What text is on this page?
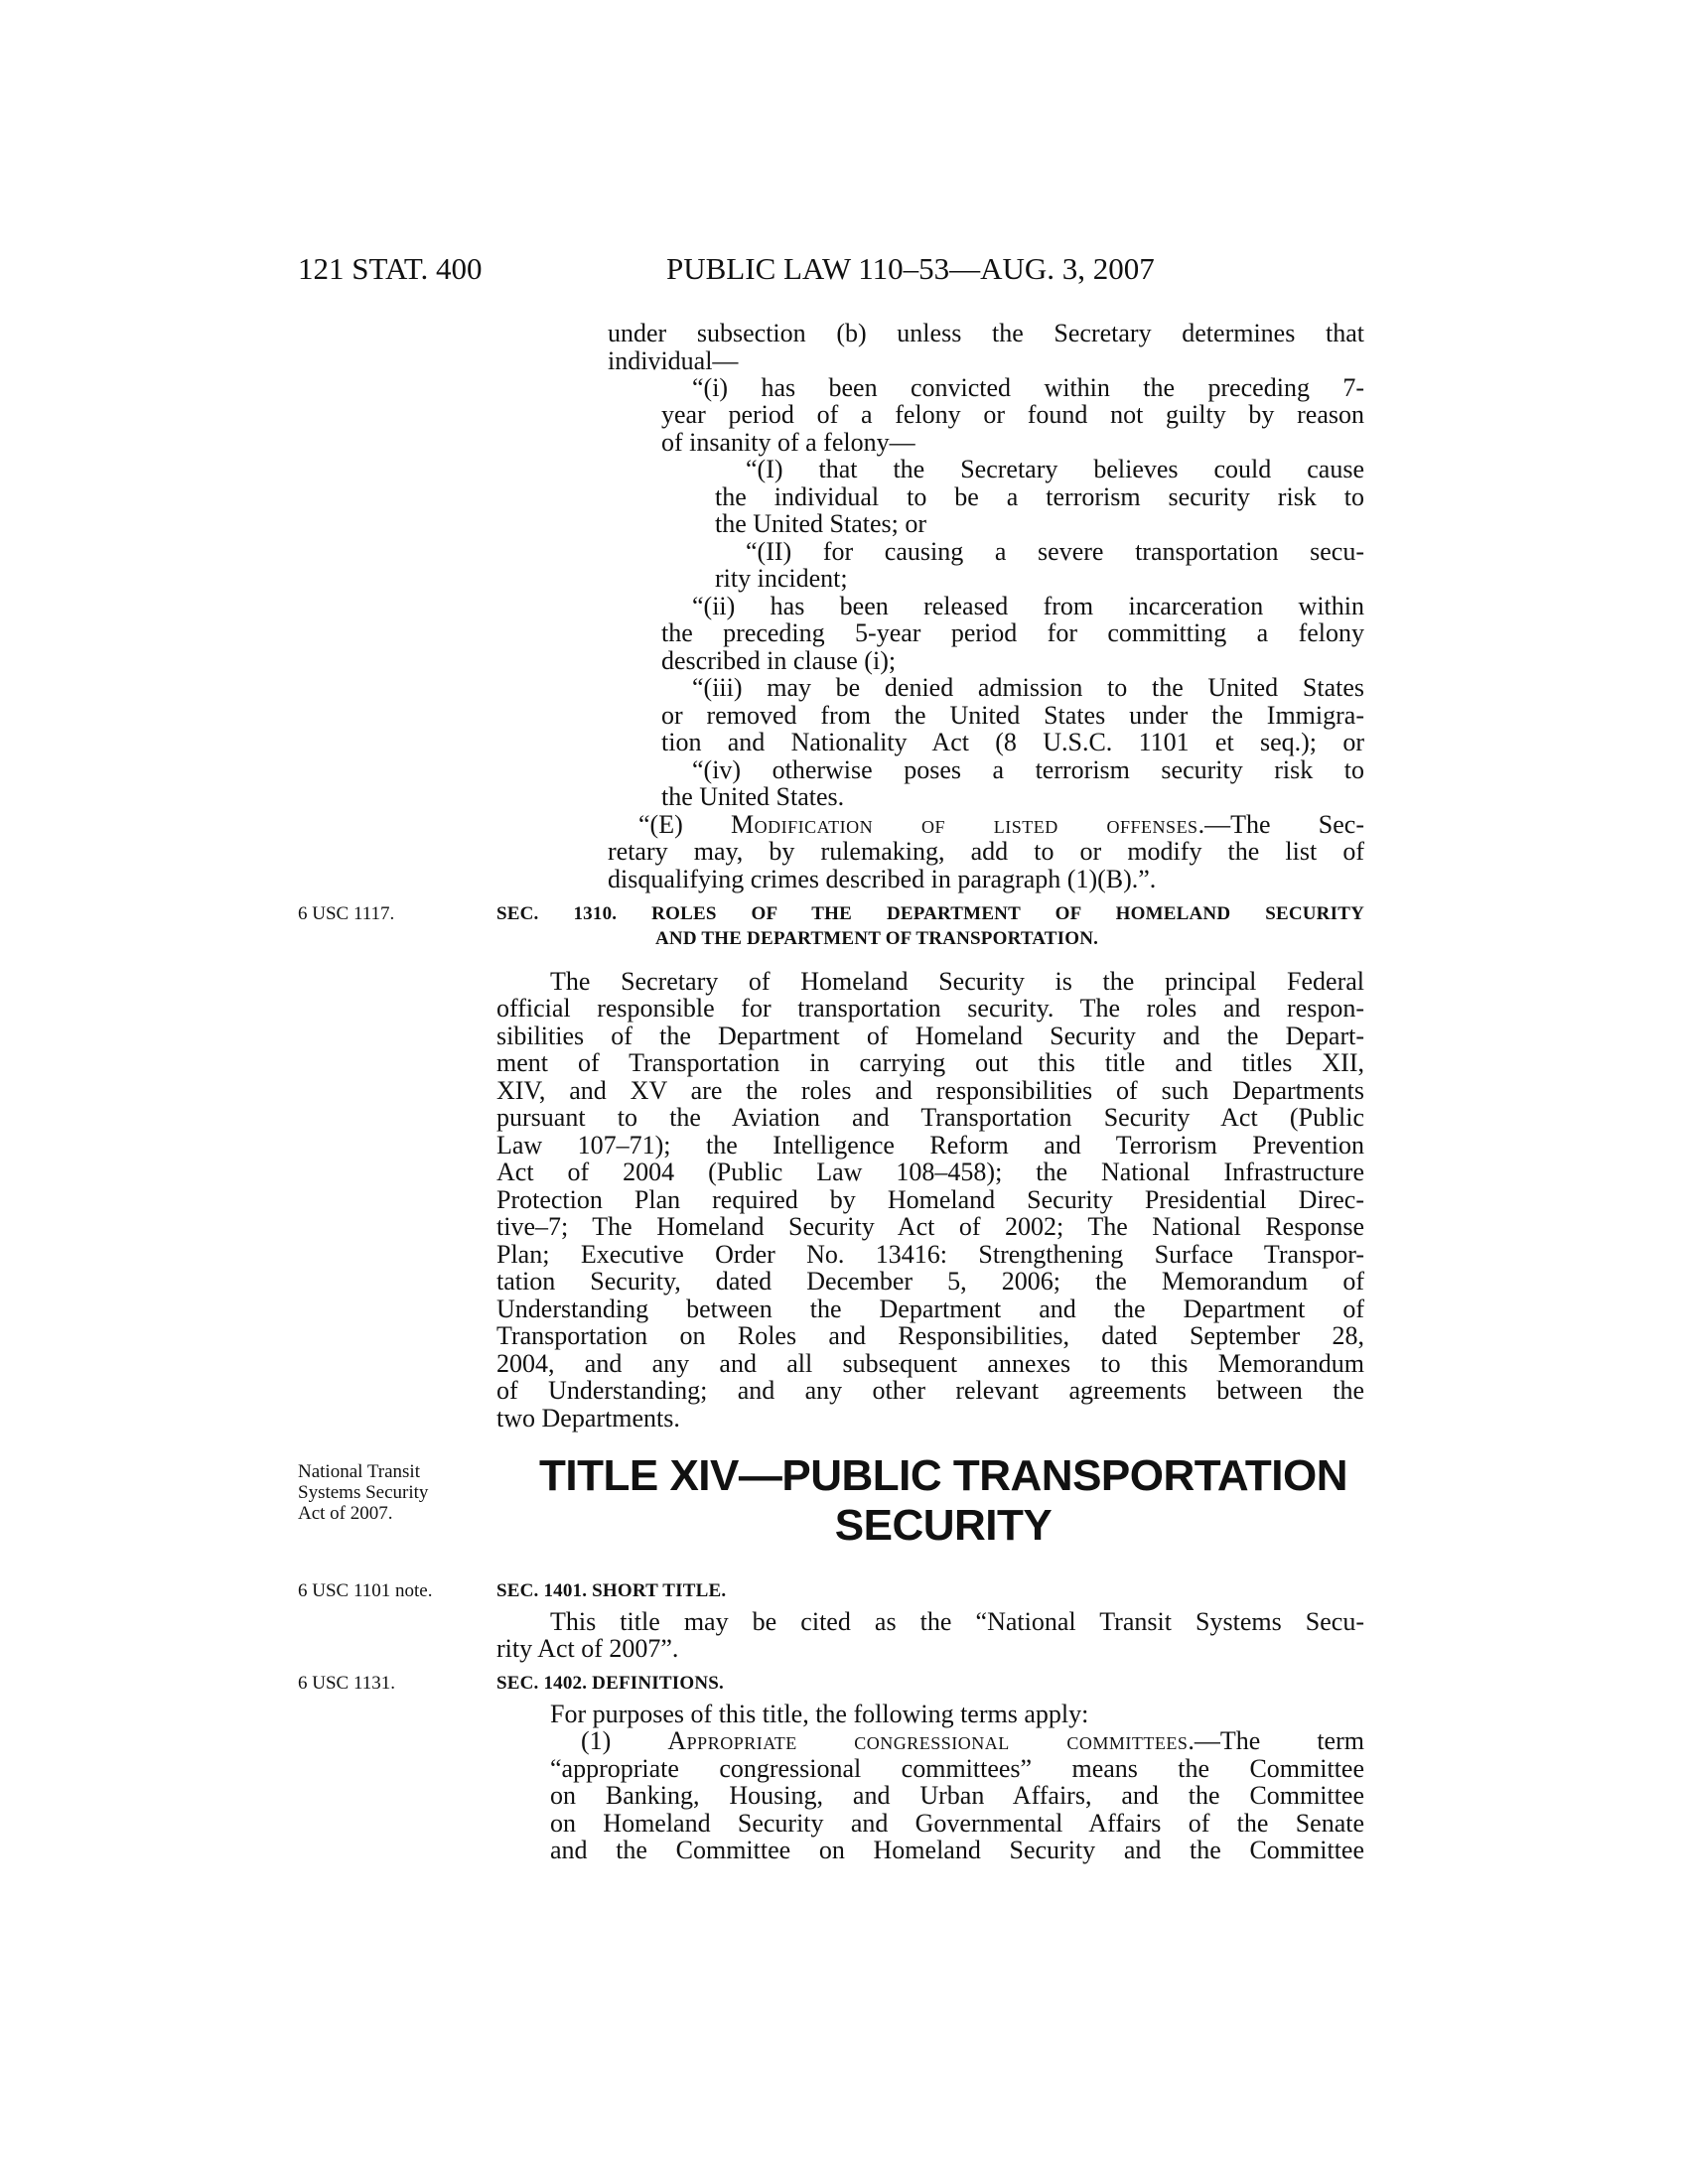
121 STAT. 400	PUBLIC LAW 110–53—AUG. 3, 2007
under subsection (b) unless the Secretary determines that
individual—
“(i) has been convicted within the preceding 7-
year period of a felony or found not guilty by reason
of insanity of a felony—
“(I) that the Secretary believes could cause
the individual to be a terrorism security risk to
the United States; or
“(II) for causing a severe transportation secu-
rity incident;
“(ii) has been released from incarceration within
the preceding 5-year period for committing a felony
described in clause (i);
“(iii) may be denied admission to the United States
or removed from the United States under the Immigra-
tion and Nationality Act (8 U.S.C. 1101 et seq.); or
“(iv) otherwise poses a terrorism security risk to
the United States.
“(E) Modification of listed offenses.—The Sec-
retary may, by rulemaking, add to or modify the list of
disqualifying crimes described in paragraph (1)(B).”.
6 USC 1117.	SEC. 1310. ROLES OF THE DEPARTMENT OF HOMELAND SECURITY
AND THE DEPARTMENT OF TRANSPORTATION.
The Secretary of Homeland Security is the principal Federal
official responsible for transportation security. The roles and respon-
sibilities of the Department of Homeland Security and the Depart-
ment of Transportation in carrying out this title and titles XII,
XIV, and XV are the roles and responsibilities of such Departments
pursuant to the Aviation and Transportation Security Act (Public
Law 107–71); the Intelligence Reform and Terrorism Prevention
Act of 2004 (Public Law 108–458); the National Infrastructure
Protection Plan required by Homeland Security Presidential Direc-
tive–7; The Homeland Security Act of 2002; The National Response
Plan; Executive Order No. 13416: Strengthening Surface Transpor-
tation Security, dated December 5, 2006; the Memorandum of
Understanding between the Department and the Department of
Transportation on Roles and Responsibilities, dated September 28,
2004, and any and all subsequent annexes to this Memorandum
of Understanding; and any other relevant agreements between the
two Departments.
National Transit
Systems Security
Act of 2007.
TITLE XIV—PUBLIC TRANSPORTATION
SECURITY
6 USC 1101 note.	SEC. 1401. SHORT TITLE.
This title may be cited as the “National Transit Systems Secu-
rity Act of 2007”.
6 USC 1131.	SEC. 1402. DEFINITIONS.
For purposes of this title, the following terms apply:
(1) Appropriate congressional committees.—The term
“appropriate congressional committees” means the Committee
on Banking, Housing, and Urban Affairs, and the Committee
on Homeland Security and Governmental Affairs of the Senate
and the Committee on Homeland Security and the Committee
